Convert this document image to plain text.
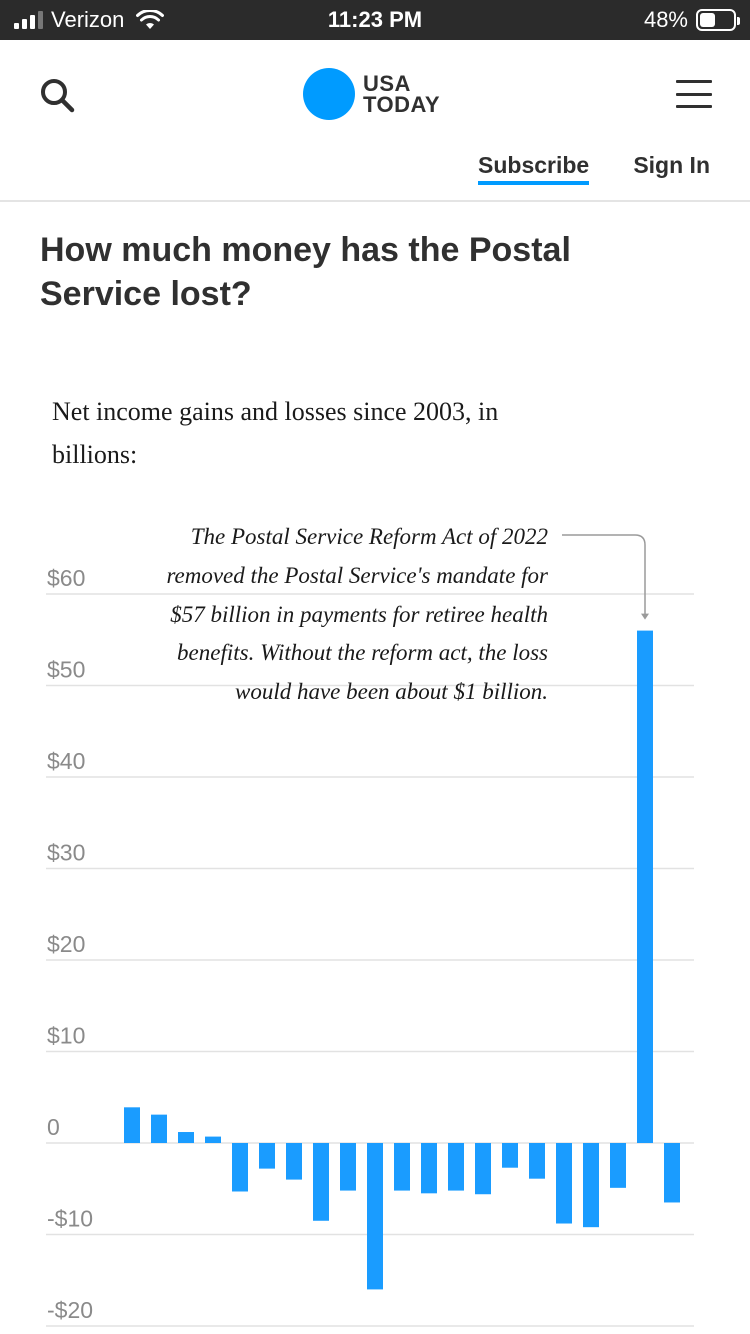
Verizon	11:23 PM	48%
USA
TODAY
Subscribe Sign In
How much money has the Postal Service lost?

Net income gains and losses since 2003, in billions:

$60
$50
$40
$30
$20
$10
0
-$10
-$20

The Postal Service Reform Act of 2022 removed the Postal Service's mandate for $57 billion in payments for retiree health benefits. Without the reform act, the loss would have been about $1 billion.
